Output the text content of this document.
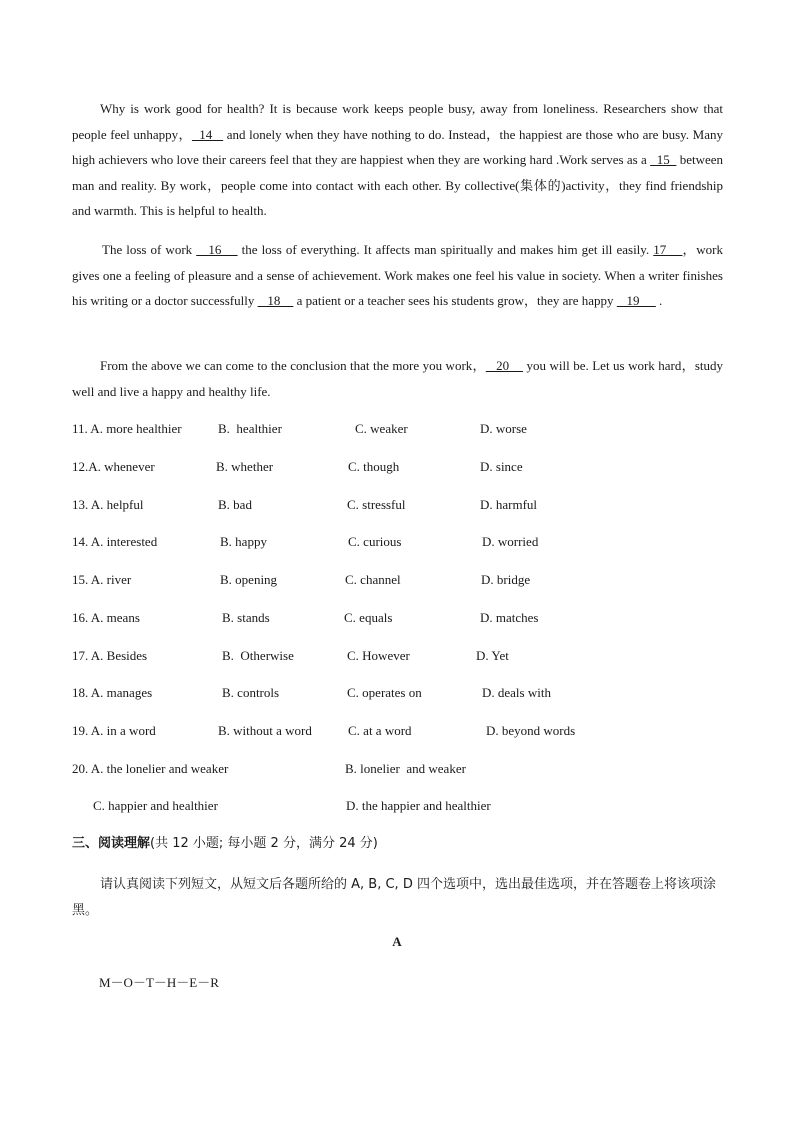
Why is work good for health? It is because work keeps people busy, away from loneliness. Researchers show that people feel unhappy，  14    and lonely when they have nothing to do. Instead，the happiest are those who are busy. Many high achievers who love their careers feel that they are happiest when they are working hard .Work serves as a   15   between man and reality. By work，people come into contact with each other. By collective(集体的)activity，they find friendship and warmth. This is helpful to health.

The loss of work    16     the loss of everything. It affects man spiritually and makes him get ill easily. 17    ，work gives one a feeling of pleasure and a sense of achievement. Work makes one feel his value in society. When a writer finishes his writing or a doctor successfully    18     a patient or a teacher sees his students grow，they are happy    19      .

From the above we can come to the conclusion that the more you work，   20     you will be. Let us work hard，study well and live a happy and healthy life.

11. A. more healthier	B.  healthier	C. weaker	D. worse
12.A. whenever	B. whether	C. though	D. since
13. A. helpful	B. bad	C. stressful	D. harmful
14. A. interested	B. happy	C. curious	D. worried
15. A. river	B. opening	C. channel	D. bridge
16. A. means	B. stands	C. equals	D. matches
17. A. Besides	B.  Otherwise	C. However	D. Yet
18. A. manages	B. controls	C. operates on	D. deals with
19. A. in a word	B. without a word	C. at a word	D. beyond words
20. A. the lonelier and weaker	B. lonelier  and weaker
C. happier and healthier	D. the happier and healthier
三、阅读理解(共 12 小题; 每小题 2 分，满分 24 分)

请认真阅读下列短文，从短文后各题所给的 A, B, C, D 四个选项中，选出最佳选项，并在答题卷上将该项涂黑。

A
M－O－T－H－E－R
